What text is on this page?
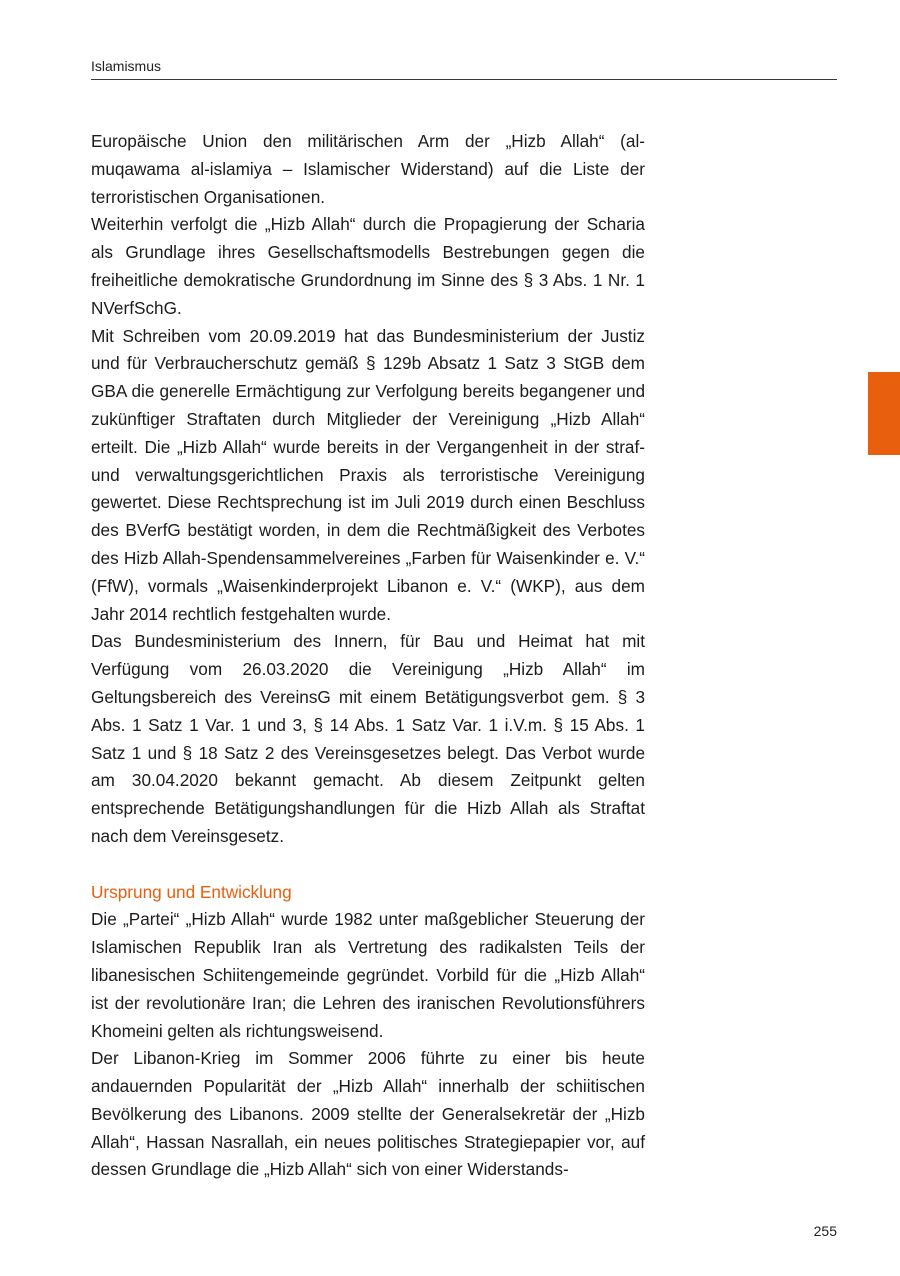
Islamismus

Europäische Union den militärischen Arm der „Hizb Allah“ (al-muqawama al-islamiya – Islamischer Widerstand) auf die Liste der terroristischen Organisationen.

Weiterhin verfolgt die „Hizb Allah“ durch die Propagierung der Scharia als Grundlage ihres Gesellschaftsmodells Bestrebungen gegen die freiheitliche demokratische Grundordnung im Sinne des § 3 Abs. 1 Nr. 1 NVerfSchG.

Mit Schreiben vom 20.09.2019 hat das Bundesministerium der Justiz und für Verbraucherschutz gemäß § 129b Absatz 1 Satz 3 StGB dem GBA die generelle Ermächtigung zur Verfolgung bereits begangener und zukünftiger Straftaten durch Mitglieder der Vereinigung „Hizb Allah“ erteilt. Die „Hizb Allah“ wurde bereits in der Vergangenheit in der straf- und verwaltungsgerichtlichen Praxis als terroristische Vereinigung gewertet. Diese Rechtsprechung ist im Juli 2019 durch einen Beschluss des BVerfG bestätigt worden, in dem die Rechtmäßigkeit des Verbotes des Hizb Allah-Spendensammelvereines „Farben für Waisenkinder e. V.“ (FfW), vormals „Waisenkinderprojekt Libanon e. V.“ (WKP), aus dem Jahr 2014 rechtlich festgehalten wurde.

Das Bundesministerium des Innern, für Bau und Heimat hat mit Verfügung vom 26.03.2020 die Vereinigung „Hizb Allah“ im Geltungsbereich des VereinsG mit einem Betätigungsverbot gem. § 3 Abs. 1 Satz 1 Var. 1 und 3, § 14 Abs. 1 Satz Var. 1 i.V.m. § 15 Abs. 1 Satz 1 und § 18 Satz 2 des Vereinsgesetzes belegt. Das Verbot wurde am 30.04.2020 bekannt gemacht. Ab diesem Zeitpunkt gelten entsprechende Betätigungshandlungen für die Hizb Allah als Straftat nach dem Vereinsgesetz.

Ursprung und Entwicklung

Die „Partei“ „Hizb Allah“ wurde 1982 unter maßgeblicher Steuerung der Islamischen Republik Iran als Vertretung des radikalsten Teils der libanesischen Schiitengemeinde gegründet. Vorbild für die „Hizb Allah“ ist der revolutionäre Iran; die Lehren des iranischen Revolutionsführers Khomeini gelten als richtungsweisend.

Der Libanon-Krieg im Sommer 2006 führte zu einer bis heute andauernden Popularität der „Hizb Allah“ innerhalb der schiitischen Bevölkerung des Libanons. 2009 stellte der Generalsekretär der „Hizb Allah“, Hassan Nasrallah, ein neues politisches Strategiepapier vor, auf dessen Grundlage die „Hizb Allah“ sich von einer Widerstands-

255
